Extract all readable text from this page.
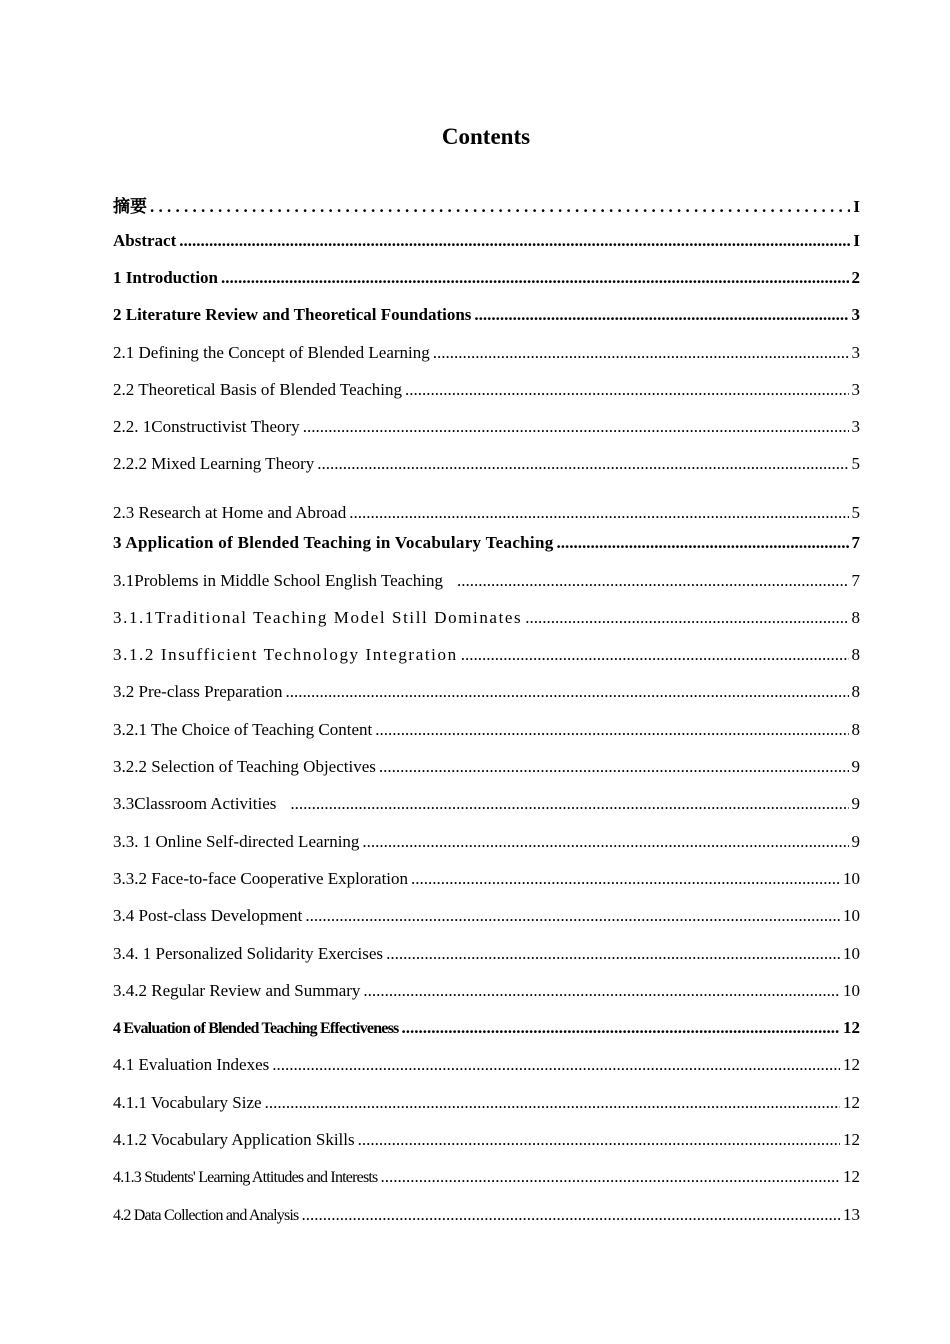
Contents
摘要 . . .	I
Abstract .....	I
1 Introduction .....	2
2 Literature Review and Theoretical Foundations .....	3
2.1 Defining the Concept of Blended Learning .....	3
2.2 Theoretical Basis of Blended Teaching .....	3
2.2. 1Constructivist Theory .....	3
2.2.2 Mixed Learning Theory .....	5
2.3 Research at Home and Abroad .....	5
3 Application of Blended Teaching in Vocabulary Teaching .....	7
3.1Problems in Middle School English Teaching .....	7
3.1.1Traditional Teaching Model Still Dominates .....	8
3.1.2 Insufficient Technology Integration .....	8
3.2 Pre-class Preparation .....	8
3.2.1 The Choice of Teaching Content .....	8
3.2.2 Selection of Teaching Objectives .....	9
3.3Classroom Activities .....	9
3.3. 1 Online Self-directed Learning .....	9
3.3.2 Face-to-face Cooperative Exploration .....	10
3.4 Post-class Development .....	10
3.4. 1 Personalized Solidarity Exercises .....	10
3.4.2 Regular Review and Summary .....	10
4 Evaluation of Blended Teaching Effectiveness .....	12
4.1 Evaluation Indexes .....	12
4.1.1 Vocabulary Size .....	12
4.1.2 Vocabulary Application Skills .....	12
4.1.3 Students' Learning Attitudes and Interests .....	12
4.2 Data Collection and Analysis .....	13
